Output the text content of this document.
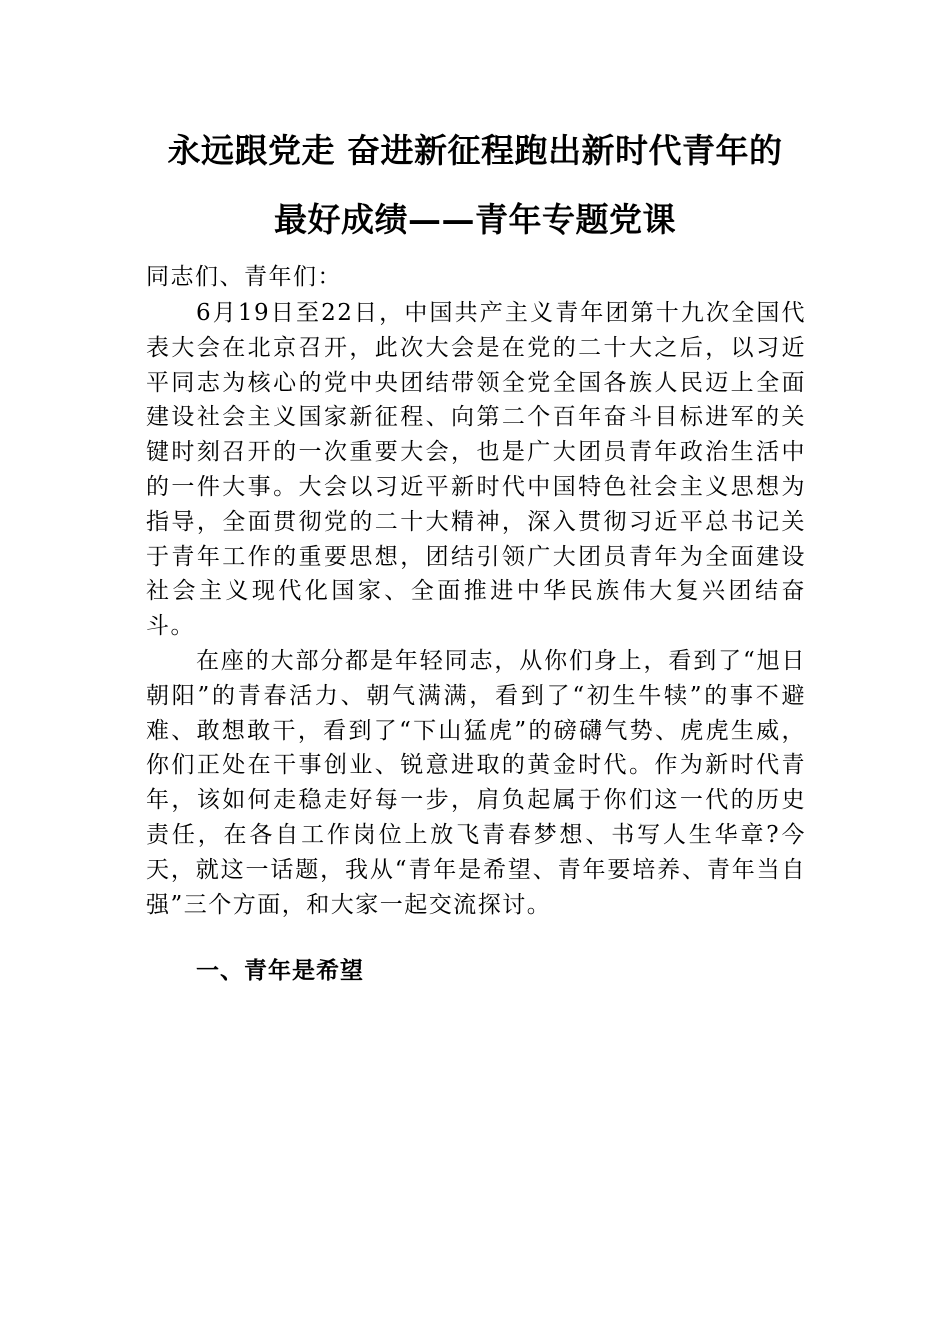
永远跟党走 奋进新征程跑出新时代青年的
最好成绩——青年专题党课
同志们、青年们：
6月19日至22日，中国共产主义青年团第十九次全国代表大会在北京召开，此次大会是在党的二十大之后，以习近平同志为核心的党中央团结带领全党全国各族人民迈上全面建设社会主义国家新征程、向第二个百年奋斗目标进军的关键时刻召开的一次重要大会，也是广大团员青年政治生活中的一件大事。大会以习近平新时代中国特色社会主义思想为指导，全面贯彻党的二十大精神，深入贯彻习近平总书记关于青年工作的重要思想，团结引领广大团员青年为全面建设社会主义现代化国家、全面推进中华民族伟大复兴团结奋斗。
在座的大部分都是年轻同志，从你们身上，看到了“旭日朝阳”的青春活力、朝气满满，看到了“初生牛犊”的事不避难、敢想敢干，看到了“下山猛虎”的磅礴气势、虎虎生威，你们正处在干事创业、锐意进取的黄金时代。作为新时代青年，该如何走稳走好每一步，肩负起属于你们这一代的历史责任，在各自工作岗位上放飞青春梦想、书写人生华章?今天，就这一话题，我从“青年是希望、青年要培养、青年当自强”三个方面，和大家一起交流探讨。
一、青年是希望
